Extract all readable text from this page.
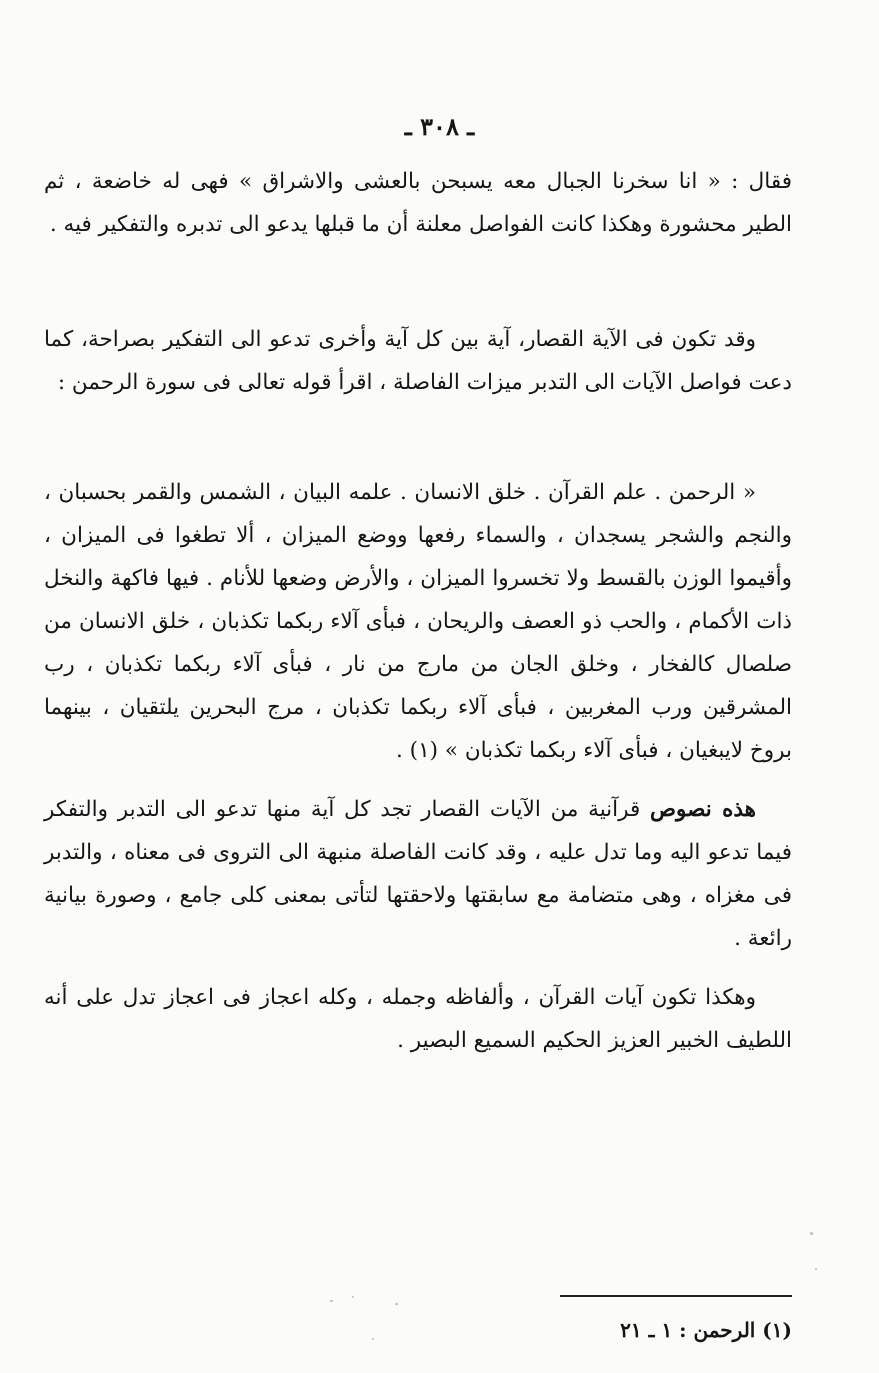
ـ ٣٠٨ ـ

فقال : « انا سخرنا الجبال معه يسبحن بالعشى والاشراق » فهى له خاضعة ، ثم الطير محشورة وهكذا كانت الفواصل معلنة أن ما قبلها يدعو الى تدبره والتفكير فيه .

وقد تكون فى الآية القصار، آية بين كل آية وأخرى تدعو الى التفكير بصراحة، كما دعت فواصل الآيات الى التدبر ميزات الفاصلة ، اقرأ قوله تعالى فى سورة الرحمن :

« الرحمن . علم القرآن . خلق الانسان . علمه البيان ، الشمس والقمر بحسبان ، والنجم والشجر يسجدان ، والسماء رفعها ووضع الميزان ، ألا تطغوا فى الميزان ، وأقيموا الوزن بالقسط ولا تخسروا الميزان ، والأرض وضعها للأنام . فيها فاكهة والنخل ذات الأكمام ، والحب ذو العصف والريحان ، فبأى آلاء ربكما تكذبان ، خلق الانسان من صلصال كالفخار ، وخلق الجان من مارج من نار ، فبأى آلاء ربكما تكذبان ، رب المشرقين ورب المغربين ، فبأى آلاء ربكما تكذبان ، مرج البحرين يلتقيان ، بينهما بروخ لايبغيان ، فبأى آلاء ربكما تكذبان » (١) .

هذه نصوص قرآنية من الآيات القصار تجد كل آية منها تدعو الى التدبر والتفكر فيما تدعو اليه وما تدل عليه ، وقد كانت الفاصلة منبهة الى التروى فى معناه ، والتدبر فى مغزاه ، وهى متضامة مع سابقتها ولاحقتها لتأتى بمعنى كلى جامع ، وصورة بيانية رائعة .

وهكذا تكون آيات القرآن ، وألفاظه وجمله ، وكله اعجاز فى اعجاز تدل على أنه اللطيف الخبير العزيز الحكيم السميع البصير .

(١) الرحمن : ١ ـ ٢١
